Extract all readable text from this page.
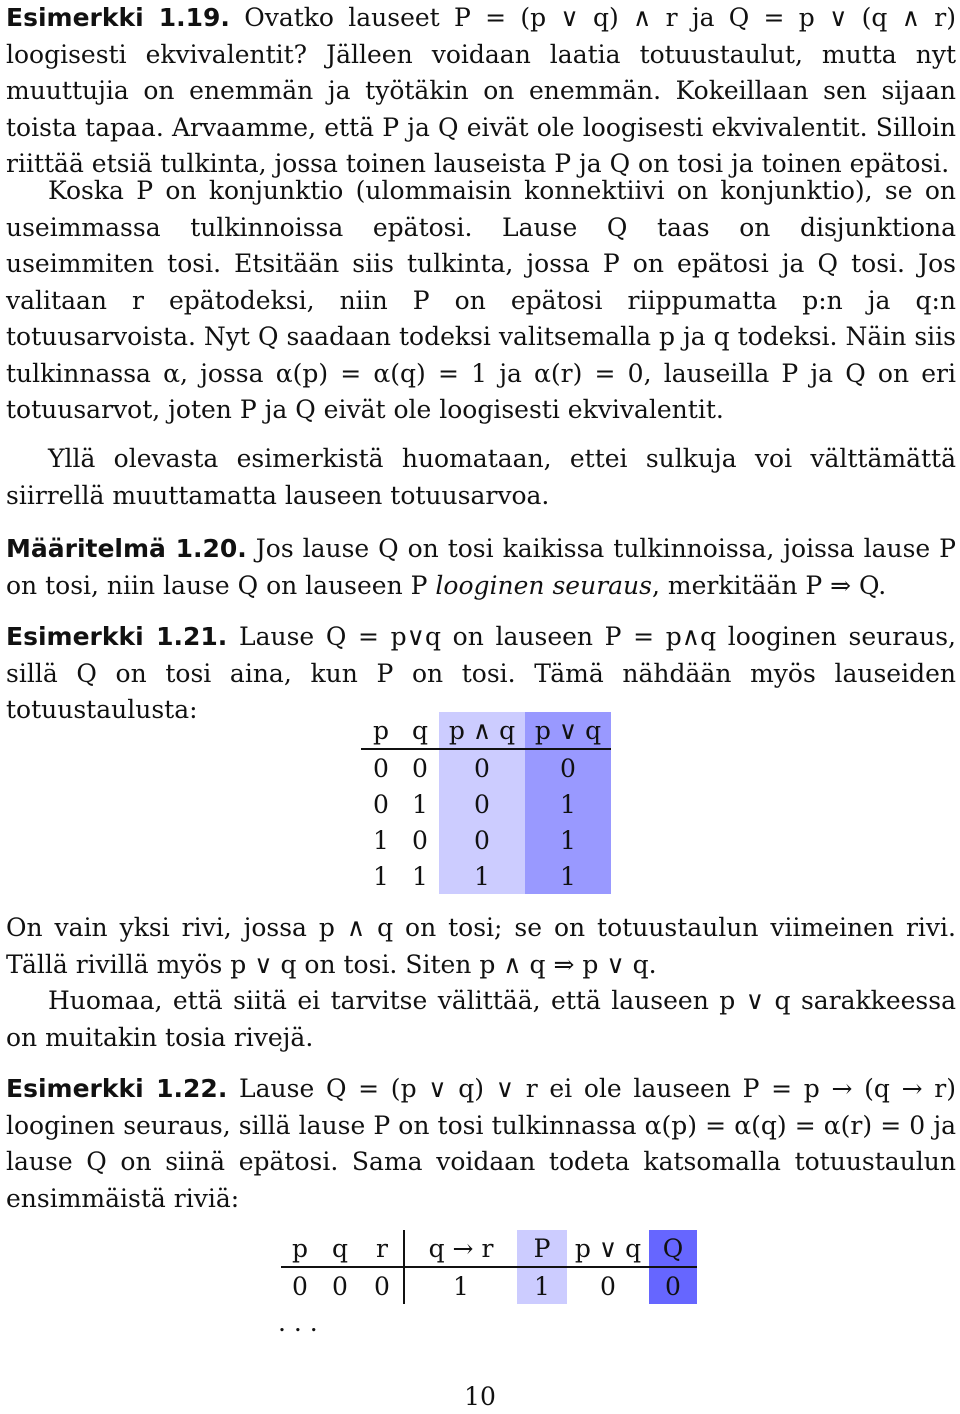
Esimerkki 1.19. Ovatko lauseet P = (p ∨ q) ∧ r ja Q = p ∨ (q ∧ r) loogisesti ekvivalentit? Jälleen voidaan laatia totuustaulut, mutta nyt muuttujia on enemmän ja työtäkin on enemmän. Kokeillaan sen sijaan toista tapaa. Arvaamme, että P ja Q eivät ole loogisesti ekvivalentit. Silloin riittää etsiä tulkinta, jossa toinen lauseista P ja Q on tosi ja toinen epätosi.
Koska P on konjunktio (ulommaisin konnektiivi on konjunktio), se on useimmassa tulkinnoissa epätosi. Lause Q taas on disjunktiona useimmiten tosi. Etsitään siis tulkinta, jossa P on epätosi ja Q tosi. Jos valitaan r epätodeksi, niin P on epätosi riippumatta p:n ja q:n totuusarvoista. Nyt Q saadaan todeksi valitsemalla p ja q todeksi. Näin siis tulkinnassa α, jossa α(p) = α(q) = 1 ja α(r) = 0, lauseilla P ja Q on eri totuusarvot, joten P ja Q eivät ole loogisesti ekvivalentit.
Yllä olevasta esimerkistä huomataan, ettei sulkuja voi välttämättä siirrellä muuttamatta lauseen totuusarvoa.
Määritelmä 1.20. Jos lause Q on tosi kaikissa tulkinnoissa, joissa lause P on tosi, niin lause Q on lauseen P looginen seuraus, merkitään P ⇒ Q.
Esimerkki 1.21. Lause Q = p∨q on lauseen P = p∧q looginen seuraus, sillä Q on tosi aina, kun P on tosi. Tämä nähdään myös lauseiden totuustaulusta:
p	q	p ∧ q	p ∨ q
0	0	0	0
0	1	0	1
1	0	0	1
1	1	1	1
On vain yksi rivi, jossa p ∧ q on tosi; se on totuustaulun viimeinen rivi. Tällä rivillä myös p ∨ q on tosi. Siten p ∧ q ⇒ p ∨ q.
Huomaa, että siitä ei tarvitse välittää, että lauseen p ∨ q sarakkeessa on muitakin tosia rivejä.
Esimerkki 1.22. Lause Q = (p ∨ q) ∨ r ei ole lauseen P = p → (q → r) looginen seuraus, sillä lause P on tosi tulkinnassa α(p) = α(q) = α(r) = 0 ja lause Q on siinä epätosi. Sama voidaan todeta katsomalla totuustaulun ensimmäistä riviä:
p	q	r	q → r	P	p ∨ q	Q
0	0	0	1	1	0	0
. . .
10
